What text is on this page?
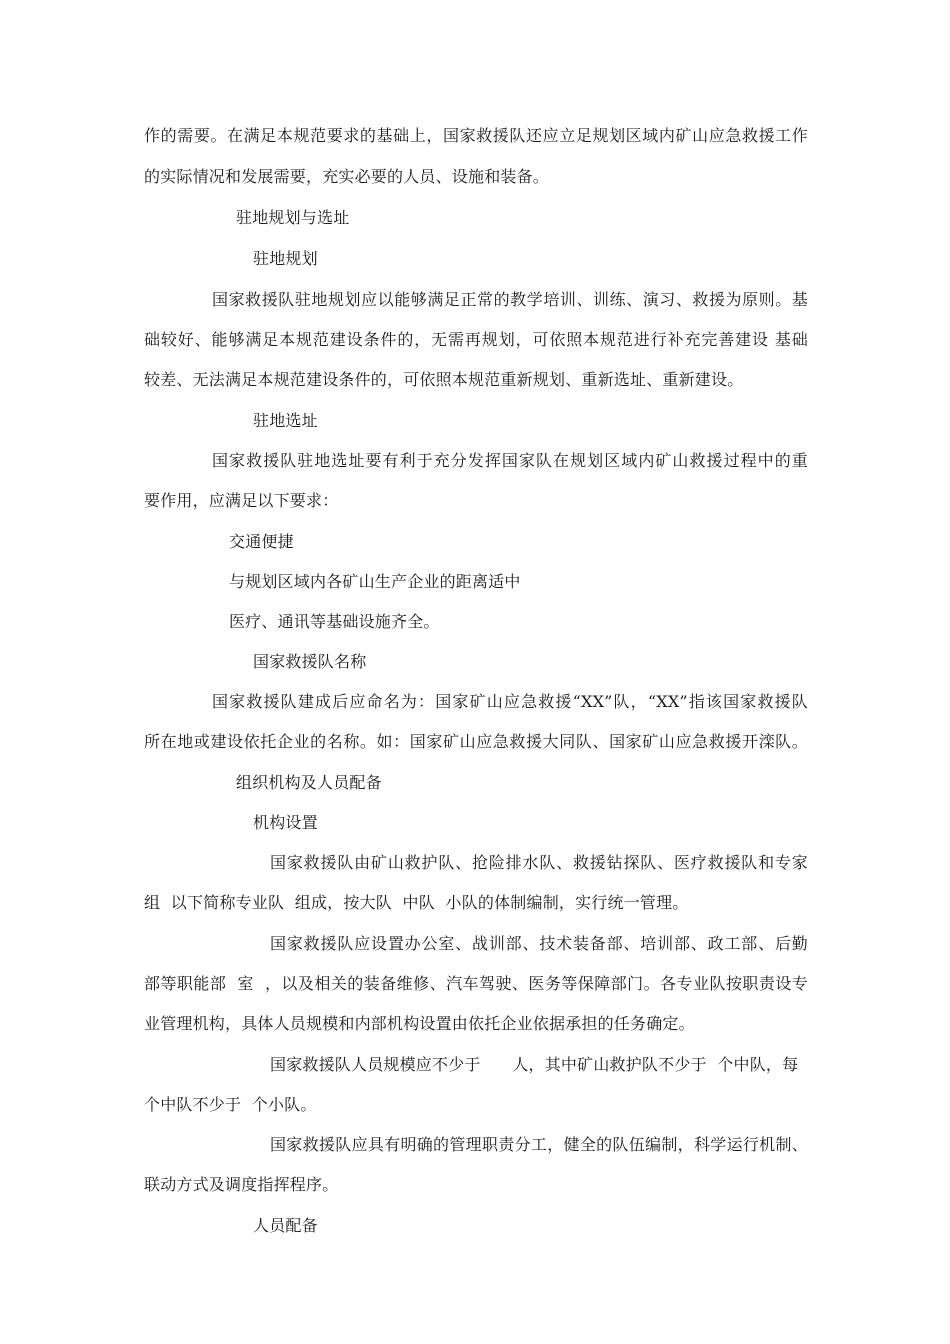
作的需要。在满足本规范要求的基础上，国家救援队还应立足规划区域内矿山应急救援工作
的实际情况和发展需要，充实必要的人员、设施和装备。
驻地规划与选址
驻地规划
国家救援队驻地规划应以能够满足正常的教学培训、训练、演习、救援为原则。基
础较好、能够满足本规范建设条件的，无需再规划，可依照本规范进行补充完善建设 基础
较差、无法满足本规范建设条件的，可依照本规范重新规划、重新选址、重新建设。
驻地选址
国家救援队驻地选址要有利于充分发挥国家队在规划区域内矿山救援过程中的重
要作用，应满足以下要求：
交通便捷
与规划区域内各矿山生产企业的距离适中
医疗、通讯等基础设施齐全。
国家救援队名称
国家救援队建成后应命名为：国家矿山应急救援“XX”队，“XX”指该国家救援队
所在地或建设依托企业的名称。如：国家矿山应急救援大同队、国家矿山应急救援开滦队。
组织机构及人员配备
机构设置
国家救援队由矿山救护队、抢险排水队、救援钻探队、医疗救援队和专家
组  以下简称专业队  组成，按大队  中队  小队的体制编制，实行统一管理。
国家救援队应设置办公室、战训部、技术装备部、培训部、政工部、后勤
部等职能部  室  ，以及相关的装备维修、汽车驾驶、医务等保障部门。各专业队按职责设专
业管理机构，具体人员规模和内部机构设置由依托企业依据承担的任务确定。
国家救援队人员规模应不少于      人，其中矿山救护队不少于  个中队，每
个中队不少于  个小队。
国家救援队应具有明确的管理职责分工，健全的队伍编制，科学运行机制、
联动方式及调度指挥程序。
人员配备
